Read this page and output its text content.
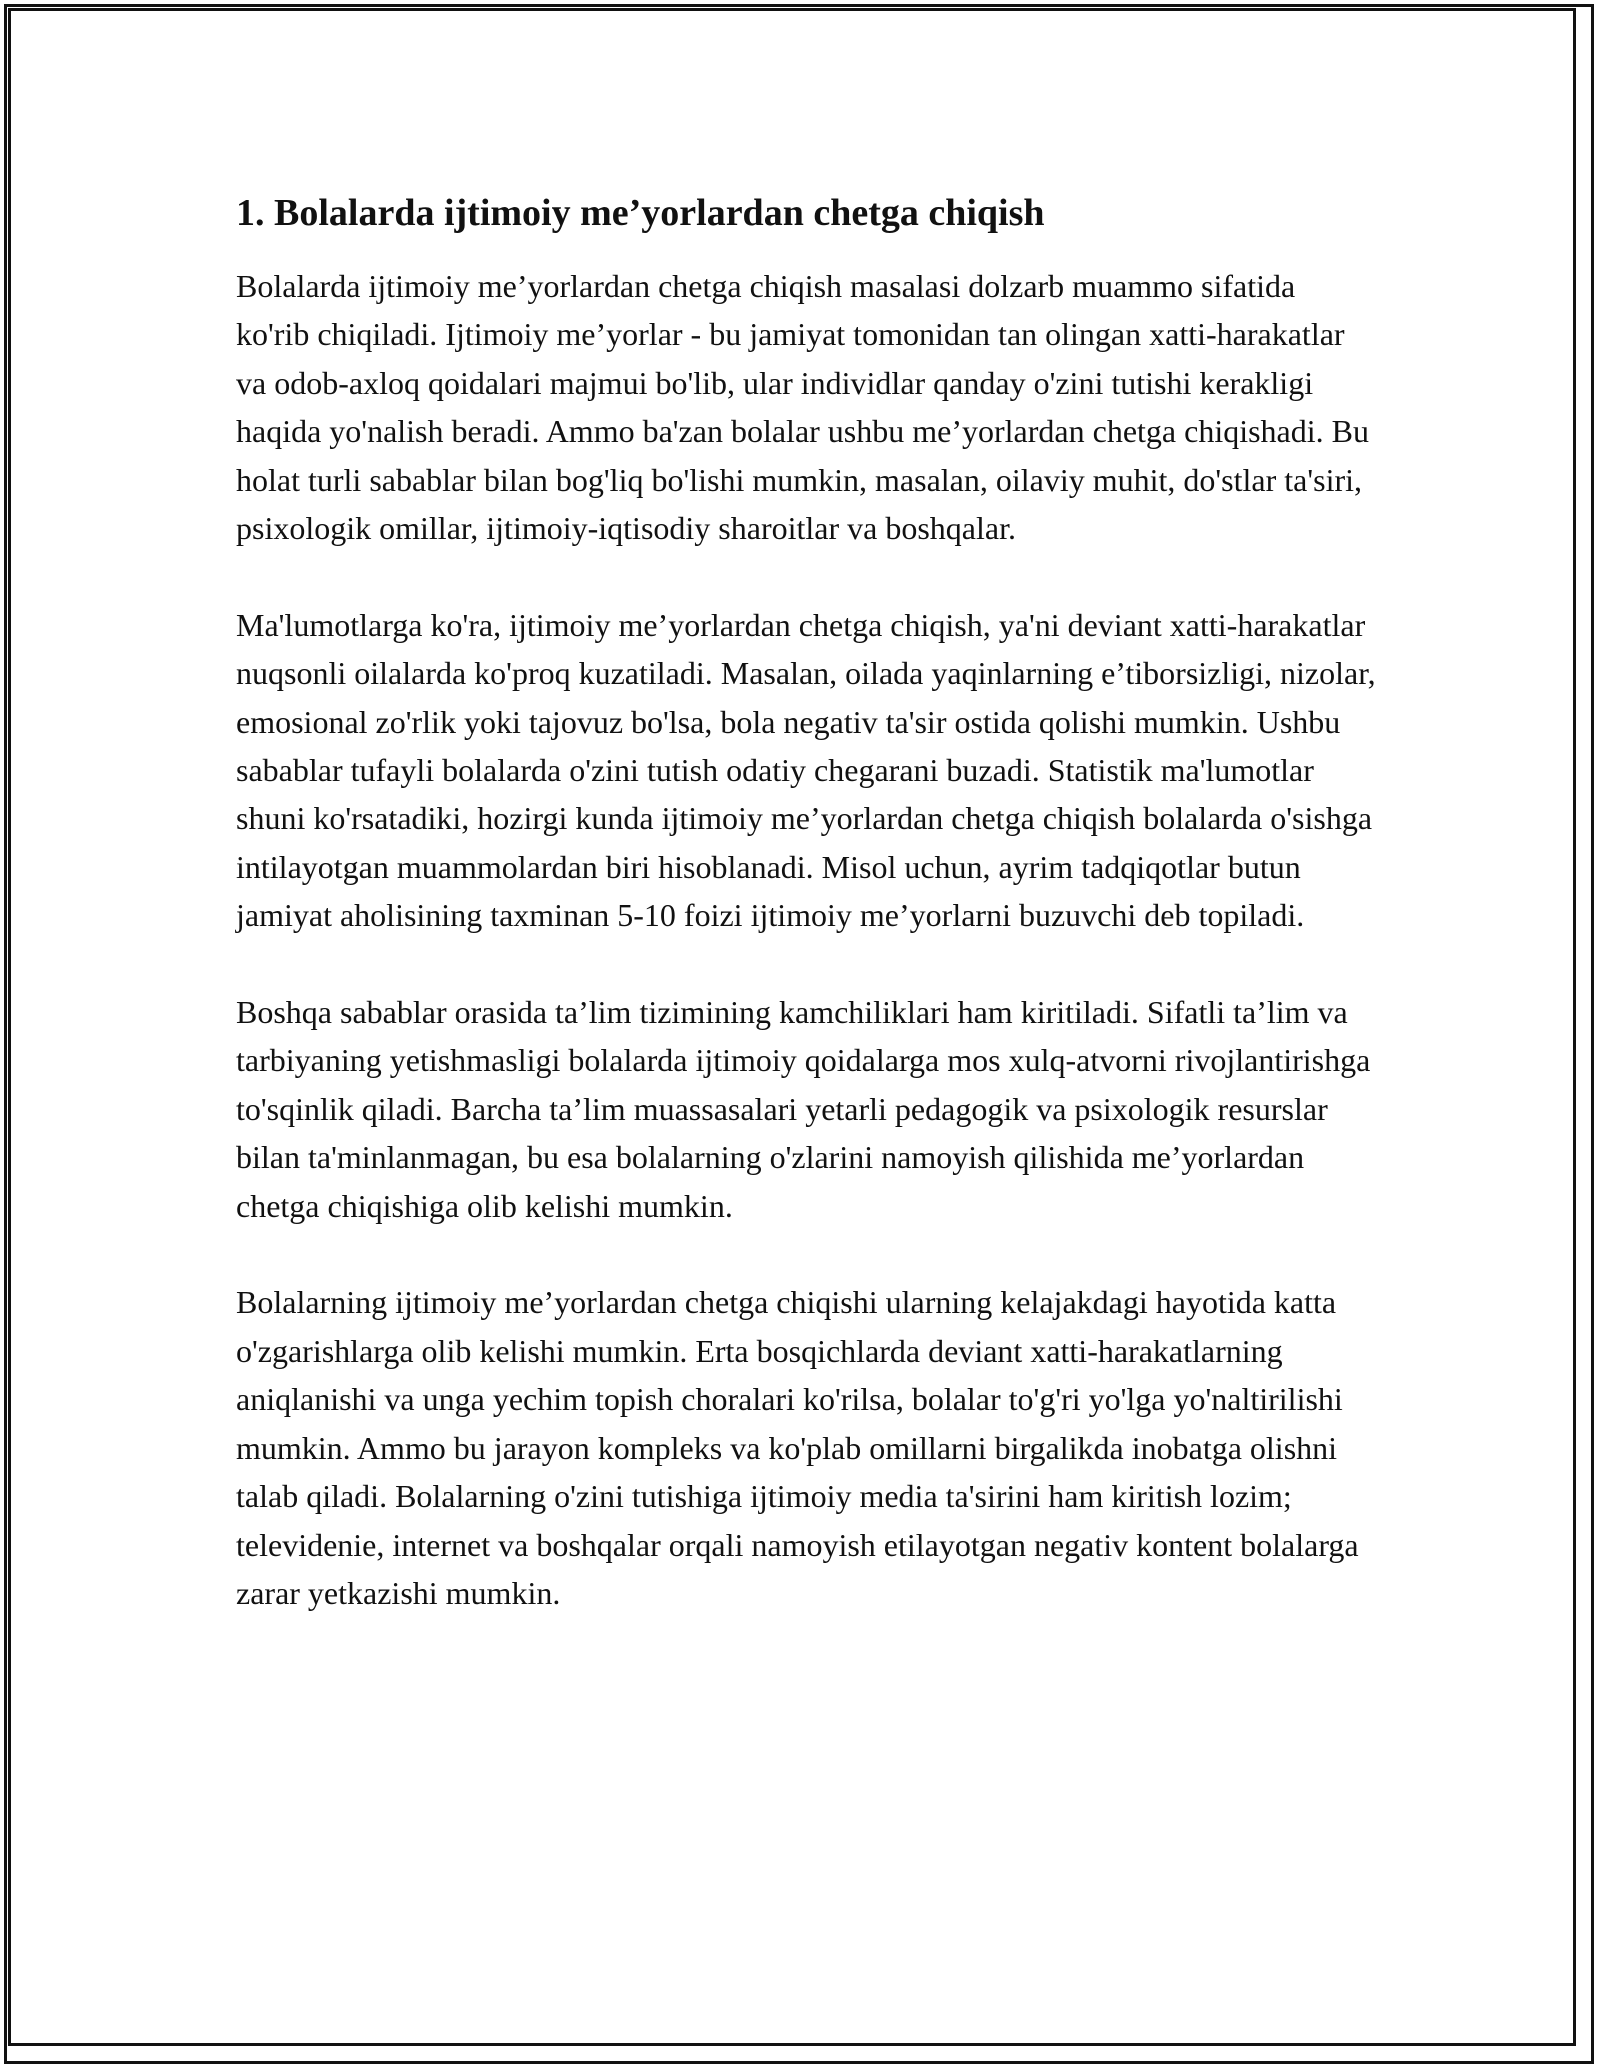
1. Bolalarda ijtimoiy me’yorlardan chetga chiqish

Bolalarda ijtimoiy me’yorlardan chetga chiqish masalasi dolzarb muammo sifatida ko'rib chiqiladi. Ijtimoiy me’yorlar - bu jamiyat tomonidan tan olingan xatti-harakatlar va odob-axloq qoidalari majmui bo'lib, ular individlar qanday o'zini tutishi kerakligi haqida yo'nalish beradi. Ammo ba'zan bolalar ushbu me’yorlardan chetga chiqishadi. Bu holat turli sabablar bilan bog'liq bo'lishi mumkin, masalan, oilaviy muhit, do'stlar ta'siri, psixologik omillar, ijtimoiy-iqtisodiy sharoitlar va boshqalar.

Ma'lumotlarga ko'ra, ijtimoiy me’yorlardan chetga chiqish, ya'ni deviant xatti-harakatlar nuqsonli oilalarda ko'proq kuzatiladi. Masalan, oilada yaqinlarning e’tiborsizligi, nizolar, emosional zo'rlik yoki tajovuz bo'lsa, bola negativ ta'sir ostida qolishi mumkin. Ushbu sabablar tufayli bolalarda o'zini tutish odatiy chegarani buzadi. Statistik ma'lumotlar shuni ko'rsatadiki, hozirgi kunda ijtimoiy me’yorlardan chetga chiqish bolalarda o'sishga intilayotgan muammolardan biri hisoblanadi. Misol uchun, ayrim tadqiqotlar butun jamiyat aholisining taxminan 5-10 foizi ijtimoiy me’yorlarni buzuvchi deb topiladi.

Boshqa sabablar orasida ta’lim tizimining kamchiliklari ham kiritiladi. Sifatli ta’lim va tarbiyaning yetishmasligi bolalarda ijtimoiy qoidalarga mos xulq-atvorni rivojlantirishga to'sqinlik qiladi. Barcha ta’lim muassasalari yetarli pedagogik va psixologik resurslar bilan ta'minlanmagan, bu esa bolalarning o'zlarini namoyish qilishida me’yorlardan chetga chiqishiga olib kelishi mumkin.

Bolalarning ijtimoiy me’yorlardan chetga chiqishi ularning kelajakdagi hayotida katta o'zgarishlarga olib kelishi mumkin. Erta bosqichlarda deviant xatti-harakatlarning aniqlanishi va unga yechim topish choralari ko'rilsa, bolalar to'g'ri yo'lga yo'naltirilishi mumkin. Ammo bu jarayon kompleks va ko'plab omillarni birgalikda inobatga olishni talab qiladi. Bolalarning o'zini tutishiga ijtimoiy media ta'sirini ham kiritish lozim; televidenie, internet va boshqalar orqali namoyish etilayotgan negativ kontent bolalarga zarar yetkazishi mumkin.
